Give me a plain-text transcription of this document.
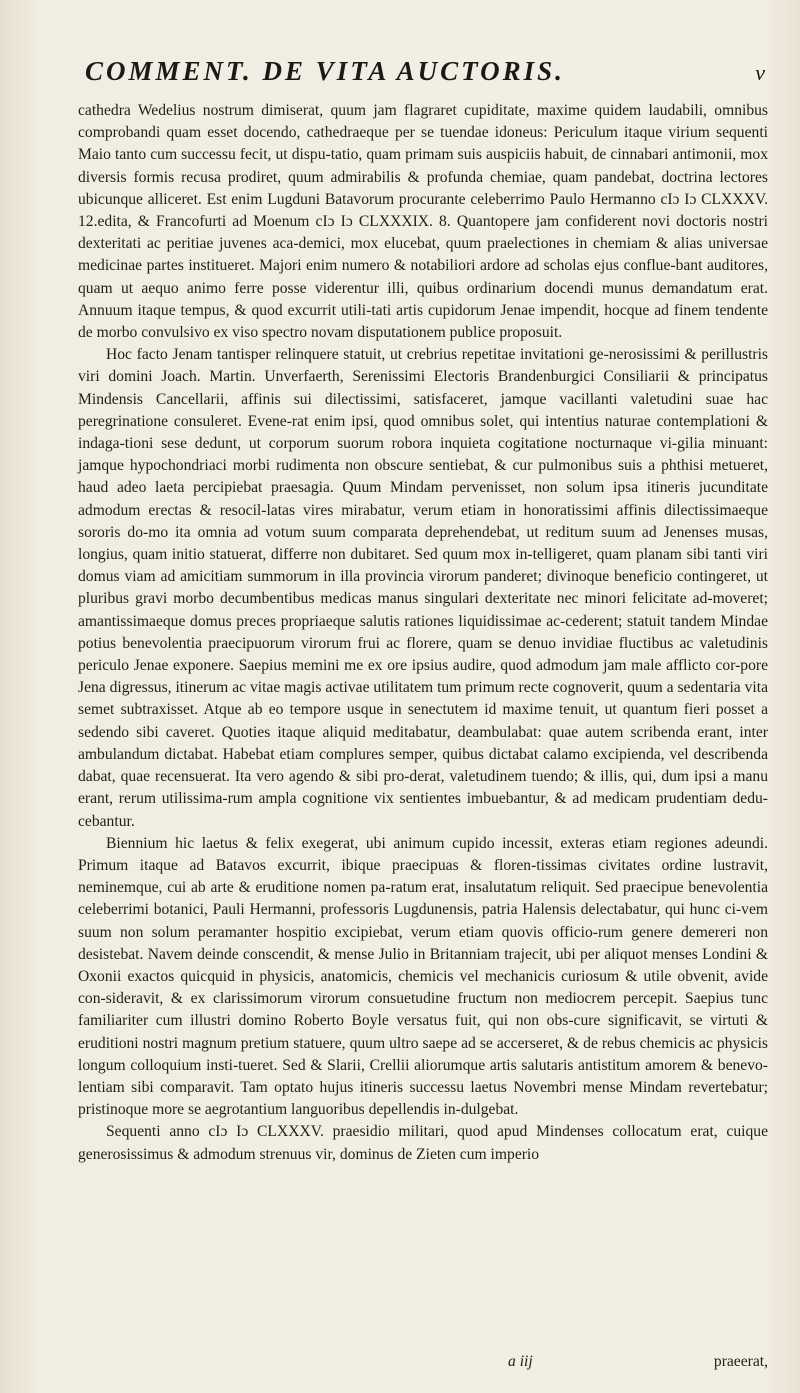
COMMENT. DE VITA AUCTORIS.	v

cathedra Wedelius nostrum dimiserat, quum jam flagraret cupiditate, maxime quidem laudabili, omnibus comprobandi quam esset docendo, cathedraeque per se tuendae idoneus: Periculum itaque virium sequenti Maio tanto cum successu fecit, ut dispu-tatio, quam primam suis auspiciis habuit, de cinnabari antimonii, mox diversis formis recusa prodiret, quum admirabilis & profunda chemiae, quam pandebat, doctrina lectores ubicunque alliceret. Est enim Lugduni Batavorum procurante celeberrimo Paulo Hermanno cIɔ Iɔ CLXXXV. 12.edita, & Francofurti ad Moenum cIɔ Iɔ CLXXXIX. 8. Quantopere jam confiderent novi doctoris nostri dexteritati ac peritiae juvenes aca-demici, mox elucebat, quum praelectiones in chemiam & alias universae medicinae partes institueret. Majori enim numero & notabiliori ardore ad scholas ejus conflue-bant auditores, quam ut aequo animo ferre posse viderentur illi, quibus ordinarium docendi munus demandatum erat. Annuum itaque tempus, & quod excurrit utili-tati artis cupidorum Jenae impendit, hocque ad finem tendente de morbo convulsivo ex viso spectro novam disputationem publice proposuit.

Hoc facto Jenam tantisper relinquere statuit, ut crebrius repetitae invitationi ge-nerosissimi & perillustris viri domini Joach. Martin. Unverfaerth, Serenissimi Electoris Brandenburgici Consiliarii & principatus Mindensis Cancellarii, affinis sui dilectissimi, satisfaceret, jamque vacillanti valetudini suae hac peregrinatione consuleret. Evene-rat enim ipsi, quod omnibus solet, qui intentius naturae contemplationi & indaga-tioni sese dedunt, ut corporum suorum robora inquieta cogitatione nocturnaque vi-gilia minuant: jamque hypochondriaci morbi rudimenta non obscure sentiebat, & cur pulmonibus suis a phthisi metueret, haud adeo laeta percipiebat praesagia. Quum Mindam pervenisset, non solum ipsa itineris jucunditate admodum erectas & resocil-latas vires mirabatur, verum etiam in honoratissimi affinis dilectissimaeque sororis do-mo ita omnia ad votum suum comparata deprehendebat, ut reditum suum ad Jenenses musas, longius, quam initio statuerat, differre non dubitaret. Sed quum mox in-telligeret, quam planam sibi tanti viri domus viam ad amicitiam summorum in illa provincia virorum panderet; divinoque beneficio contingeret, ut pluribus gravi morbo decumbentibus medicas manus singulari dexteritate nec minori felicitate ad-moveret; amantissimaeque domus preces propriaeque salutis rationes liquidissimae ac-cederent; statuit tandem Mindae potius benevolentia praecipuorum virorum frui ac florere, quam se denuo invidiae fluctibus ac valetudinis periculo Jenae exponere. Saepius memini me ex ore ipsius audire, quod admodum jam male afflicto cor-pore Jena digressus, itinerum ac vitae magis activae utilitatem tum primum recte cognoverit, quum a sedentaria vita semet subtraxisset. Atque ab eo tempore usque in senectutem id maxime tenuit, ut quantum fieri posset a sedendo sibi caveret. Quoties itaque aliquid meditabatur, deambulabat: quae autem scribenda erant, inter ambulandum dictabat. Habebat etiam complures semper, quibus dictabat calamo excipienda, vel describenda dabat, quae recensuerat. Ita vero agendo & sibi pro-derat, valetudinem tuendo; & illis, qui, dum ipsi a manu erant, rerum utilissima-rum ampla cognitione vix sentientes imbuebantur, & ad medicam prudentiam dedu-cebantur.

Biennium hic laetus & felix exegerat, ubi animum cupido incessit, exteras etiam regiones adeundi. Primum itaque ad Batavos excurrit, ibique praecipuas & floren-tissimas civitates ordine lustravit, neminemque, cui ab arte & eruditione nomen pa-ratum erat, insalutatum reliquit. Sed praecipue benevolentia celeberrimi botanici, Pauli Hermanni, professoris Lugdunensis, patria Halensis delectabatur, qui hunc ci-vem suum non solum peramanter hospitio excipiebat, verum etiam quovis officio-rum genere demereri non desistebat. Navem deinde conscendit, & mense Julio in Britanniam trajecit, ubi per aliquot menses Londini & Oxonii exactos quicquid in physicis, anatomicis, chemicis vel mechanicis curiosum & utile obvenit, avide con-sideravit, & ex clarissimorum virorum consuetudine fructum non mediocrem percepit. Saepius tunc familiariter cum illustri domino Roberto Boyle versatus fuit, qui non obs-cure significavit, se virtuti & eruditioni nostri magnum pretium statuere, quum ultro saepe ad se accerseret, & de rebus chemicis ac physicis longum colloquium insti-tueret. Sed & Slarii, Crellii aliorumque artis salutaris antistitum amorem & benevo-lentiam sibi comparavit. Tam optato hujus itineris successu laetus Novembri mense Mindam revertebatur; pristinoque more se aegrotantium languoribus depellendis in-dulgebat.

Sequenti anno cIɔ Iɔ CLXXXV. praesidio militari, quod apud Mindenses collocatum erat, cuique generosissimus & admodum strenuus vir, dominus de Zieten cum imperio

a iij	praeerat,
